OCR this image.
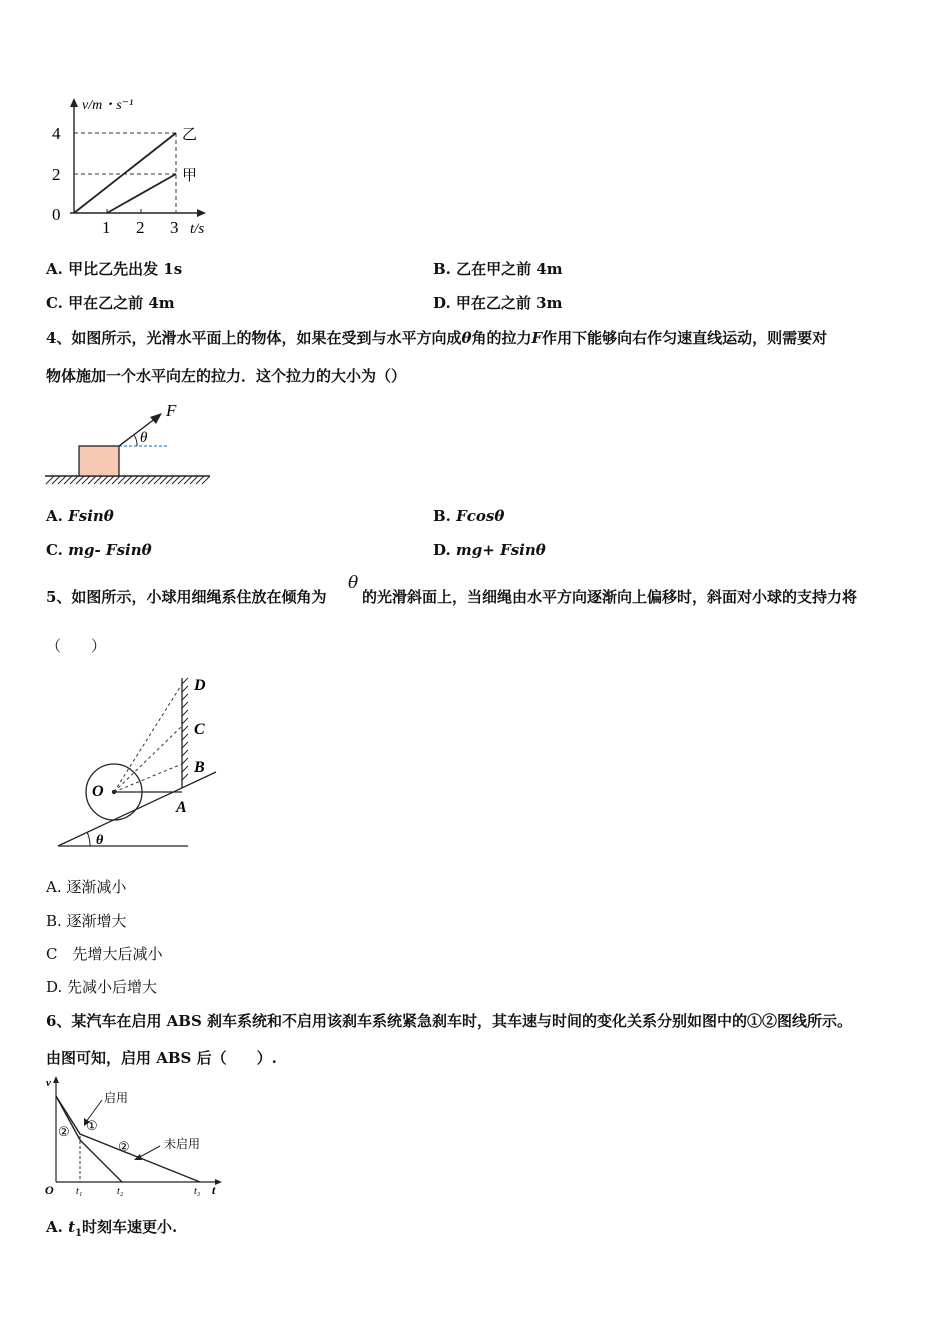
v/m・s⁻¹
4
2
0
1 2 3 t/s
乙
甲
A. 甲比乙先出发 1s	B. 乙在甲之前 4m
C. 甲在乙之前 4m	D. 甲在乙之前 3m
4、如图所示，光滑水平面上的物体，如果在受到与水平方向成θ角的拉力F作用下能够向右作匀速直线运动，则需要对
物体施加一个水平向左的拉力．这个拉力的大小为（）
F
θ
A. Fsinθ	B. Fcosθ
C. mg- Fsinθ	D. mg+ Fsinθ
5、如图所示，小球用细绳系住放在倾角为
θ
的光滑斜面上，当细绳由水平方向逐渐向上偏移时，斜面对小球的支持力将
（　　）
O
A
B
C
D
θ
A. 逐渐减小
B. 逐渐增大
C　先增大后减小
D. 先减小后增大
6、某汽车在启用 ABS 刹车系统和不启用该刹车系统紧急刹车时，其车速与时间的变化关系分别如图中的①②图线所示。
由图可知，启用 ABS 后（　　）.
v
t
O t₁	t₂	t₃
启用
未启用
①
②
②
A. $t_1$时刻车速更小.
